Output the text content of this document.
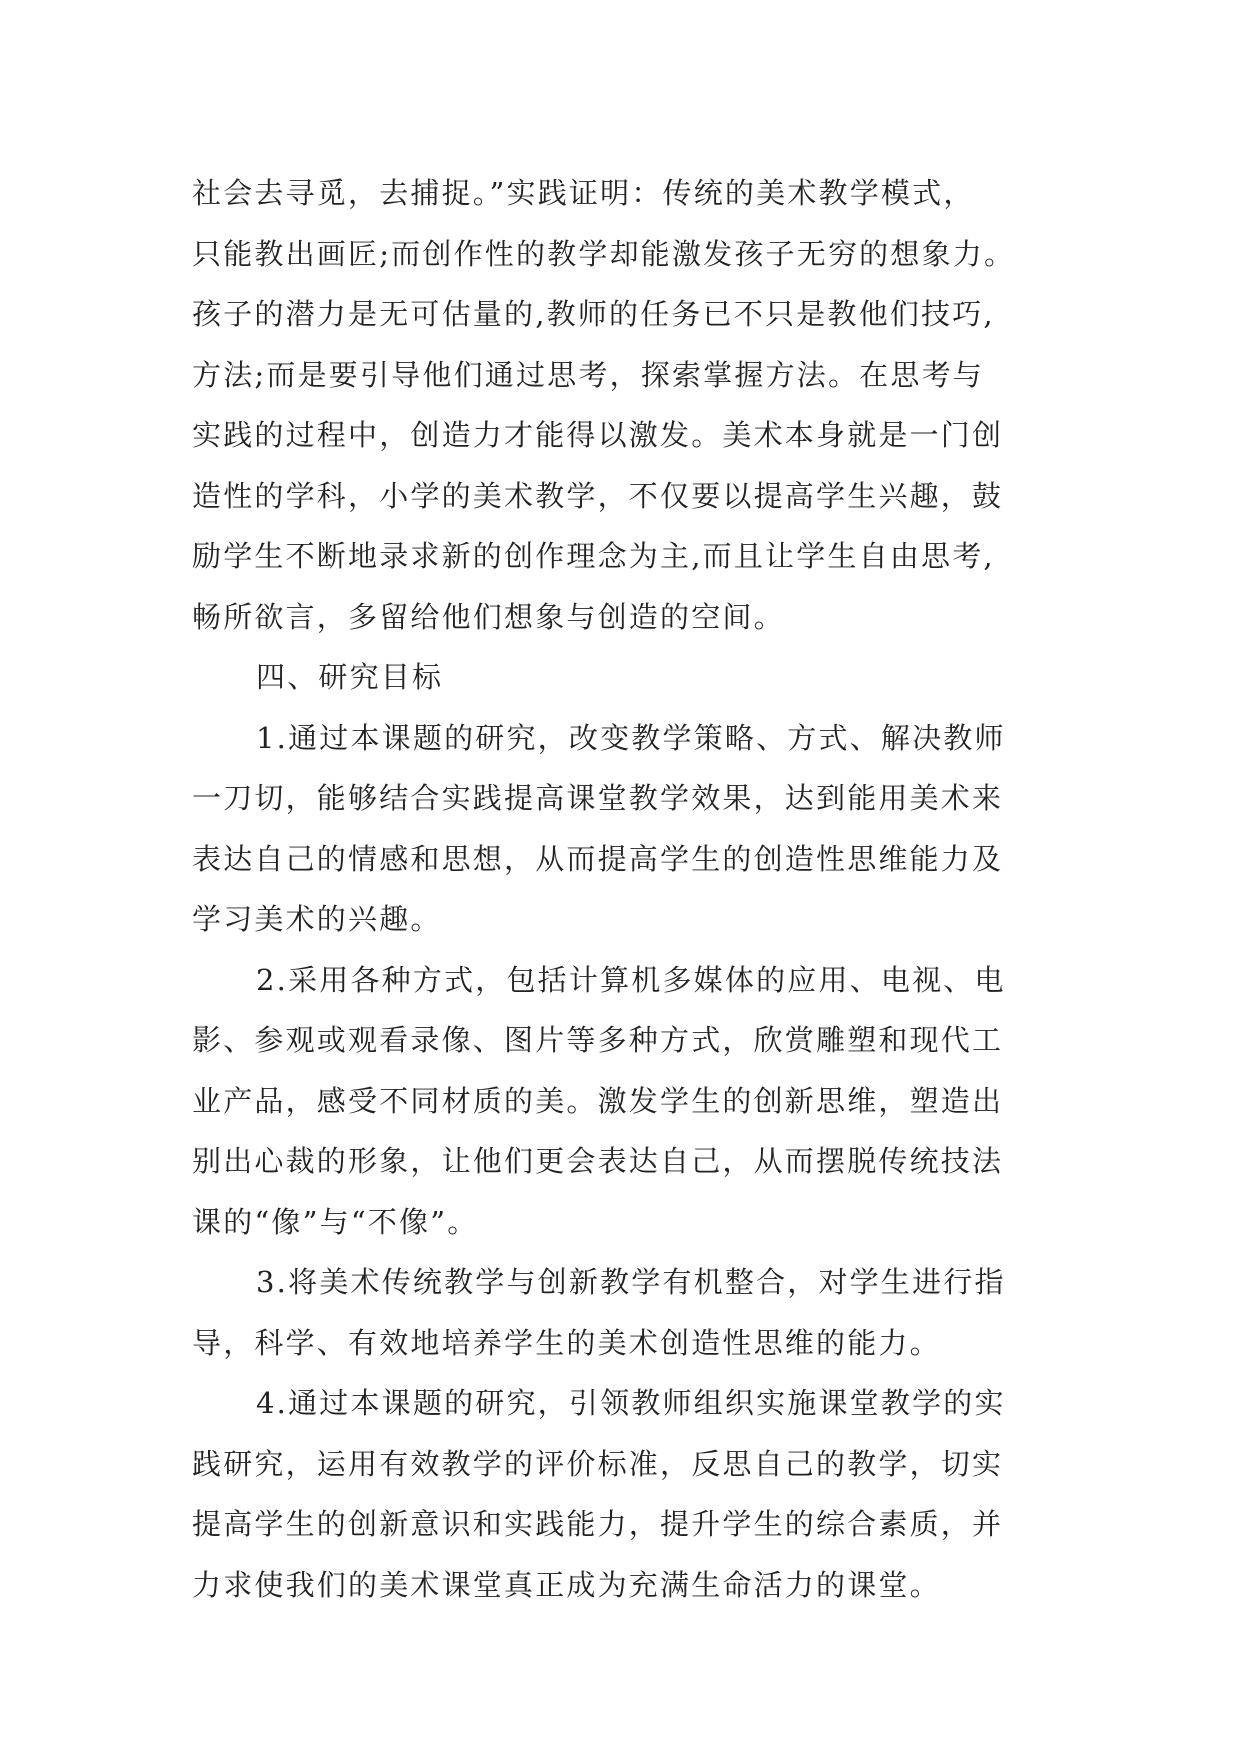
社会去寻觅，去捕捉。”实践证明：传统的美术教学模式，
只能教出画匠;而创作性的教学却能激发孩子无穷的想象力。
孩子的潜力是无可估量的,教师的任务已不只是教他们技巧,
方法;而是要引导他们通过思考，探索掌握方法。在思考与
实践的过程中，创造力才能得以激发。美术本身就是一门创
造性的学科，小学的美术教学，不仅要以提高学生兴趣，鼓
励学生不断地录求新的创作理念为主,而且让学生自由思考,
畅所欲言，多留给他们想象与创造的空间。
四、研究目标
1.通过本课题的研究，改变教学策略、方式、解决教师
一刀切，能够结合实践提高课堂教学效果，达到能用美术来
表达自己的情感和思想，从而提高学生的创造性思维能力及
学习美术的兴趣。
2.采用各种方式，包括计算机多媒体的应用、电视、电
影、参观或观看录像、图片等多种方式，欣赏雕塑和现代工
业产品，感受不同材质的美。激发学生的创新思维，塑造出
别出心裁的形象，让他们更会表达自己，从而摆脱传统技法
课的“像”与“不像”。
3.将美术传统教学与创新教学有机整合，对学生进行指
导，科学、有效地培养学生的美术创造性思维的能力。
4.通过本课题的研究，引领教师组织实施课堂教学的实
践研究，运用有效教学的评价标准，反思自己的教学，切实
提高学生的创新意识和实践能力，提升学生的综合素质，并
力求使我们的美术课堂真正成为充满生命活力的课堂。
